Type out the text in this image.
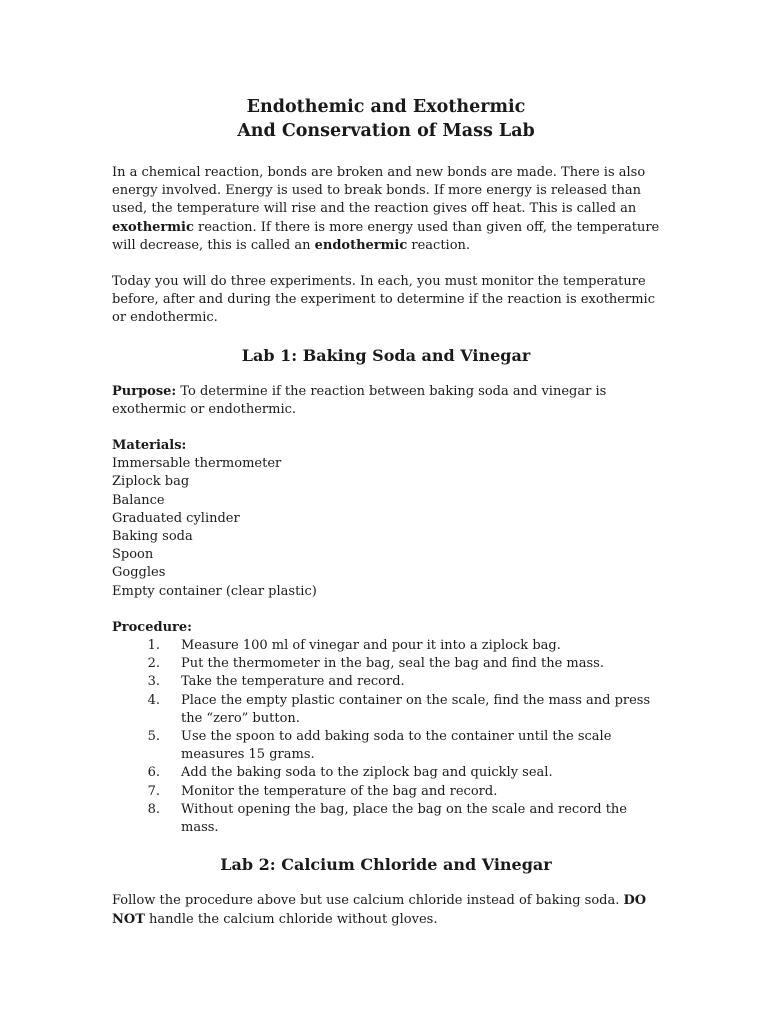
Endothemic and Exothermic
And Conservation of Mass Lab

In a chemical reaction, bonds are broken and new bonds are made. There is also energy involved. Energy is used to break bonds. If more energy is released than used, the temperature will rise and the reaction gives off heat. This is called an exothermic reaction. If there is more energy used than given off, the temperature will decrease, this is called an endothermic reaction.

Today you will do three experiments. In each, you must monitor the temperature before, after and during the experiment to determine if the reaction is exothermic or endothermic.

Lab 1: Baking Soda and Vinegar

Purpose: To determine if the reaction between baking soda and vinegar is exothermic or endothermic.

Materials:

Immersable thermometer
Ziplock bag
Balance
Graduated cylinder
Baking soda
Spoon
Goggles
Empty container (clear plastic)

Procedure:

1.	Measure 100 ml of vinegar and pour it into a ziplock bag.
2.	Put the thermometer in the bag, seal the bag and find the mass.
3.	Take the temperature and record.
4.	Place the empty plastic container on the scale, find the mass and press the “zero” button.
5.	Use the spoon to add baking soda to the container until the scale measures 15 grams.
6.	Add the baking soda to the ziplock bag and quickly seal.
7.	Monitor the temperature of the bag and record.
8.	Without opening the bag, place the bag on the scale and record the mass.
Lab 2: Calcium Chloride and Vinegar

Follow the procedure above but use calcium chloride instead of baking soda. DO NOT handle the calcium chloride without gloves.
